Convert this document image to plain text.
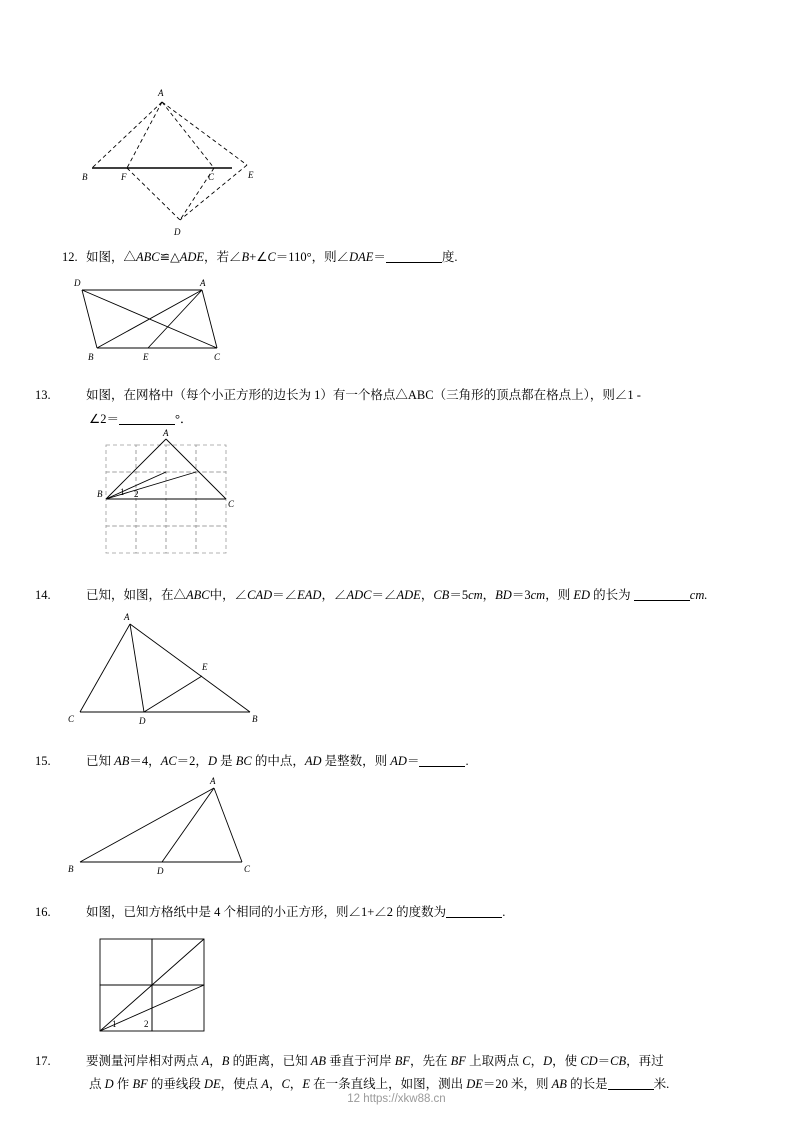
A
B	F	C	E
D

12. 如图，△ABC≌△ADE，若∠B+∠C＝110°，则∠DAE＝	度.

D	A
B	E	C

13.	如图，在网格中（每个小正方形的边长为 1）有一个格点△ABC（三角形的顶点都在格点上），则∠1 -

∠2＝	°．

A
B
C
1 2

14.	已知，如图，在△ABC中，∠CAD＝∠EAD，∠ADC＝∠ADE，CB＝5cm，BD＝3cm，则 ED 的长为	cm.

A
E
C	D	B

15.	已知 AB＝4，AC＝2，D 是 BC 的中点，AD 是整数，则 AD＝	.

A
B	D	C

16.	如图，已知方格纸中是 4 个相同的小正方形，则∠1+∠2 的度数为	.

1	2

17.	要测量河岸相对两点 A，B 的距离，已知 AB 垂直于河岸 BF，先在 BF 上取两点 C，D，使 CD＝CB，再过

点 D 作 BF 的垂线段 DE，使点 A，C，E 在一条直线上，如图，测出 DE＝20 米，则 AB 的长是	米.

12 https://xkw88.cn
